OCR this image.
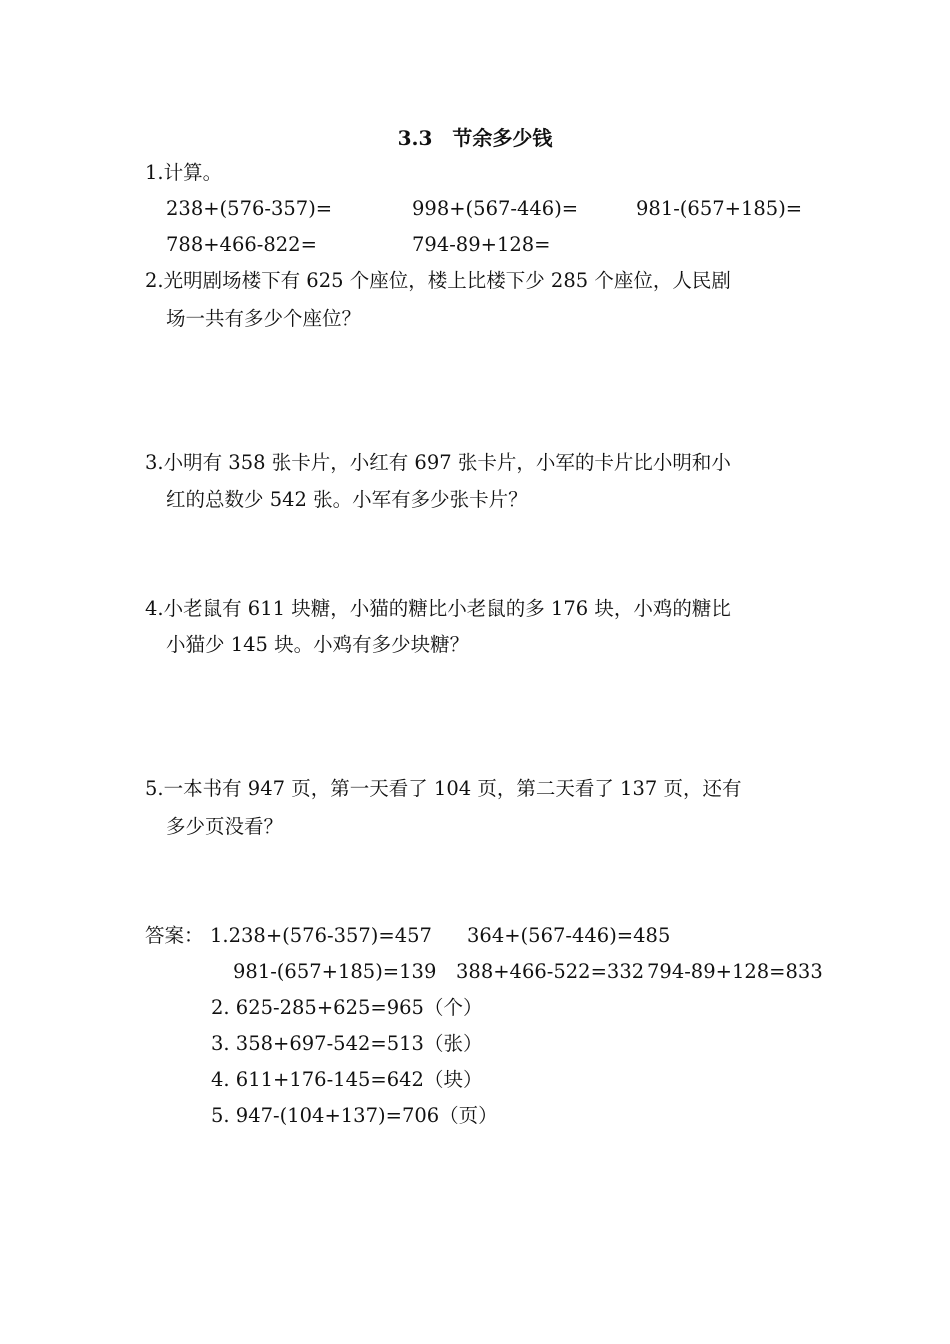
3.3　节余多少钱
1.计算。
238+(576-357)=	998+(567-446)=	981-(657+185)=
788+466-822=	794-89+128=
2.光明剧场楼下有 625 个座位，楼上比楼下少 285 个座位，人民剧
场一共有多少个座位？
3.小明有 358 张卡片，小红有 697 张卡片，小军的卡片比小明和小
红的总数少 542 张。小军有多少张卡片？
4.小老鼠有 611 块糖，小猫的糖比小老鼠的多 176 块，小鸡的糖比
小猫少 145 块。小鸡有多少块糖？
5.一本书有 947 页，第一天看了 104 页，第二天看了 137 页，还有
多少页没看？
答案： 1.238+(576-357)=457 364+(567-446)=485
981-(657+185)=139 388+466-522=332 794-89+128=833
2. 625-285+625=965（个）
3. 358+697-542=513（张）
4. 611+176-145=642（块）
5. 947-(104+137)=706（页）
